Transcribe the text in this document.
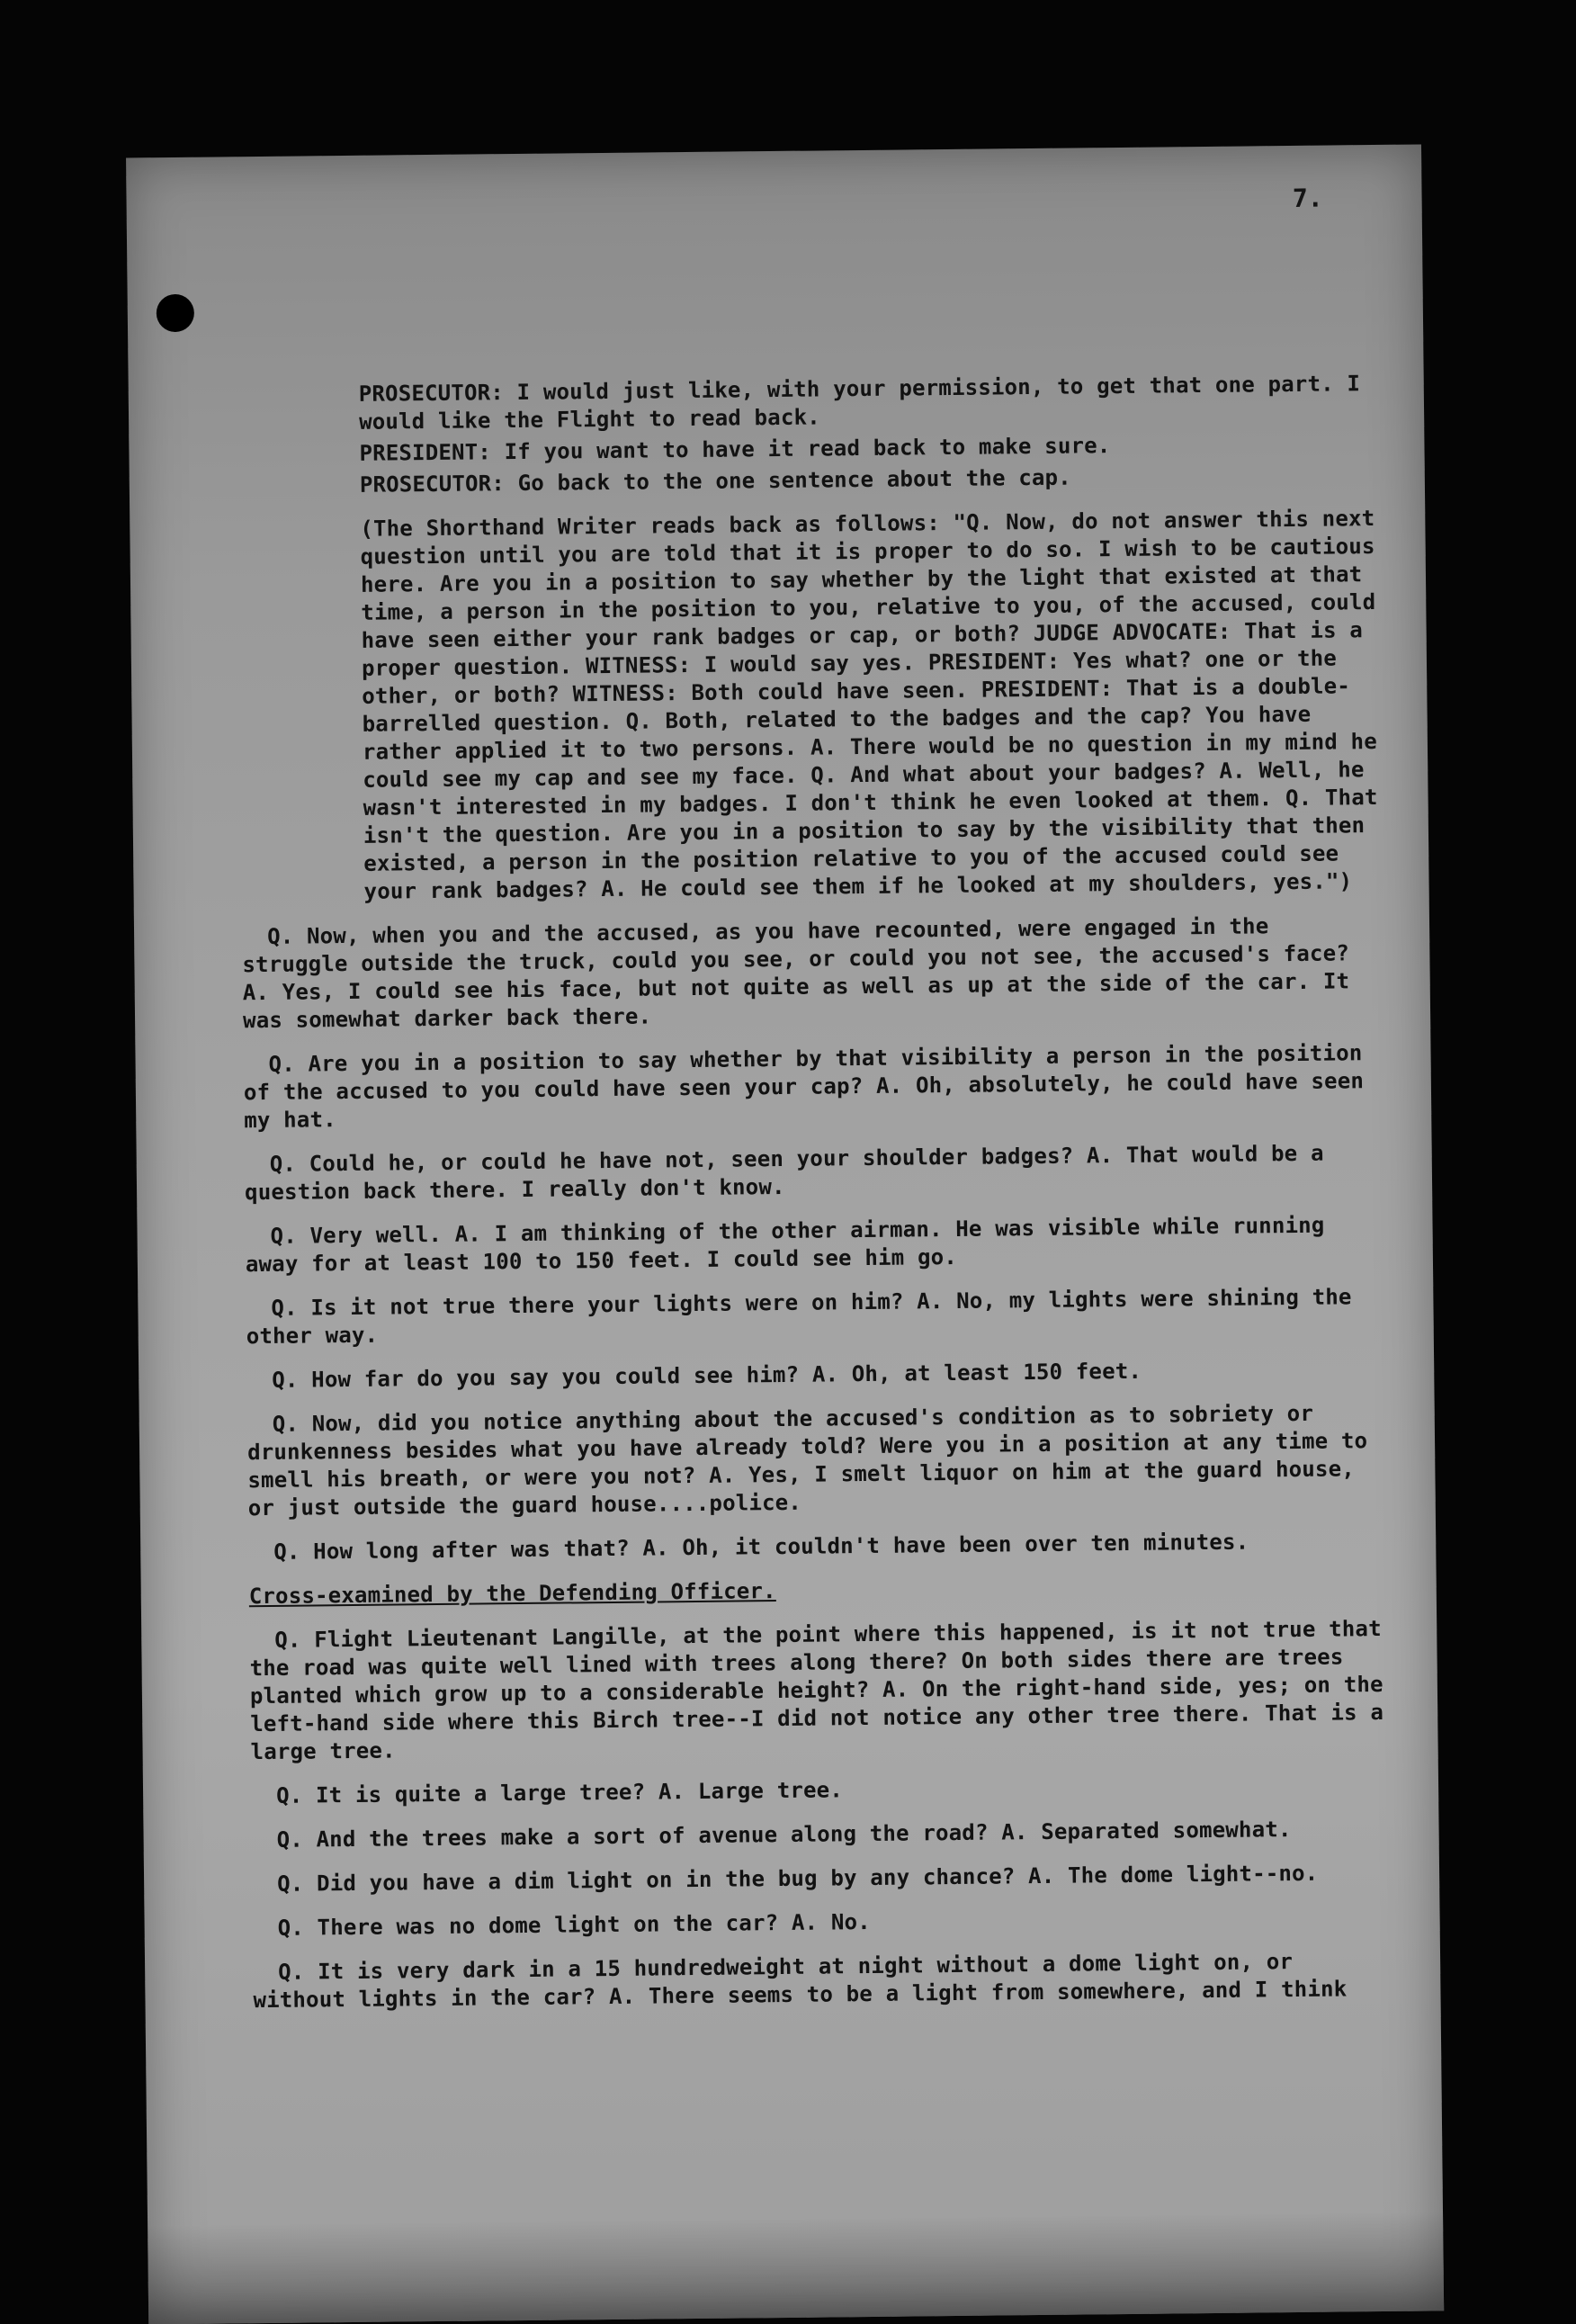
7.

PROSECUTOR: I would just like, with your permission, to get that one part. I would like the Flight to read back.

PRESIDENT: If you want to have it read back to make sure.

PROSECUTOR: Go back to the one sentence about the cap.

(The Shorthand Writer reads back as follows: "Q. Now, do not answer this next question until you are told that it is proper to do so. I wish to be cautious here. Are you in a position to say whether by the light that existed at that time, a person in the position to you, relative to you, of the accused, could have seen either your rank badges or cap, or both? JUDGE ADVOCATE: That is a proper question. WITNESS: I would say yes. PRESIDENT: Yes what? one or the other, or both? WITNESS: Both could have seen. PRESIDENT: That is a double-barrelled question. Q. Both, related to the badges and the cap? You have rather applied it to two persons. A. There would be no question in my mind he could see my cap and see my face. Q. And what about your badges? A. Well, he wasn't interested in my badges. I don't think he even looked at them. Q. That isn't the question. Are you in a position to say by the visibility that then existed, a person in the position relative to you of the accused could see your rank badges? A. He could see them if he looked at my shoulders, yes.")

Q. Now, when you and the accused, as you have recounted, were engaged in the struggle outside the truck, could you see, or could you not see, the accused's face? A. Yes, I could see his face, but not quite as well as up at the side of the car. It was somewhat darker back there.

Q. Are you in a position to say whether by that visibility a person in the position of the accused to you could have seen your cap? A. Oh, absolutely, he could have seen my hat.

Q. Could he, or could he have not, seen your shoulder badges? A. That would be a question back there. I really don't know.

Q. Very well. A. I am thinking of the other airman. He was visible while running away for at least 100 to 150 feet. I could see him go.

Q. Is it not true there your lights were on him? A. No, my lights were shining the other way.

Q. How far do you say you could see him? A. Oh, at least 150 feet.

Q. Now, did you notice anything about the accused's condition as to sobriety or drunkenness besides what you have already told? Were you in a position at any time to smell his breath, or were you not? A. Yes, I smelt liquor on him at the guard house, or just outside the guard house....police.

Q. How long after was that? A. Oh, it couldn't have been over ten minutes.

Cross-examined by the Defending Officer.

Q. Flight Lieutenant Langille, at the point where this happened, is it not true that the road was quite well lined with trees along there? On both sides there are trees planted which grow up to a considerable height? A. On the right-hand side, yes; on the left-hand side where this Birch tree--I did not notice any other tree there. That is a large tree.

Q. It is quite a large tree? A. Large tree.

Q. And the trees make a sort of avenue along the road? A. Separated somewhat.

Q. Did you have a dim light on in the bug by any chance? A. The dome light--no.

Q. There was no dome light on the car? A. No.

Q. It is very dark in a 15 hundredweight at night without a dome light on, or without lights in the car? A. There seems to be a light from somewhere, and I think
